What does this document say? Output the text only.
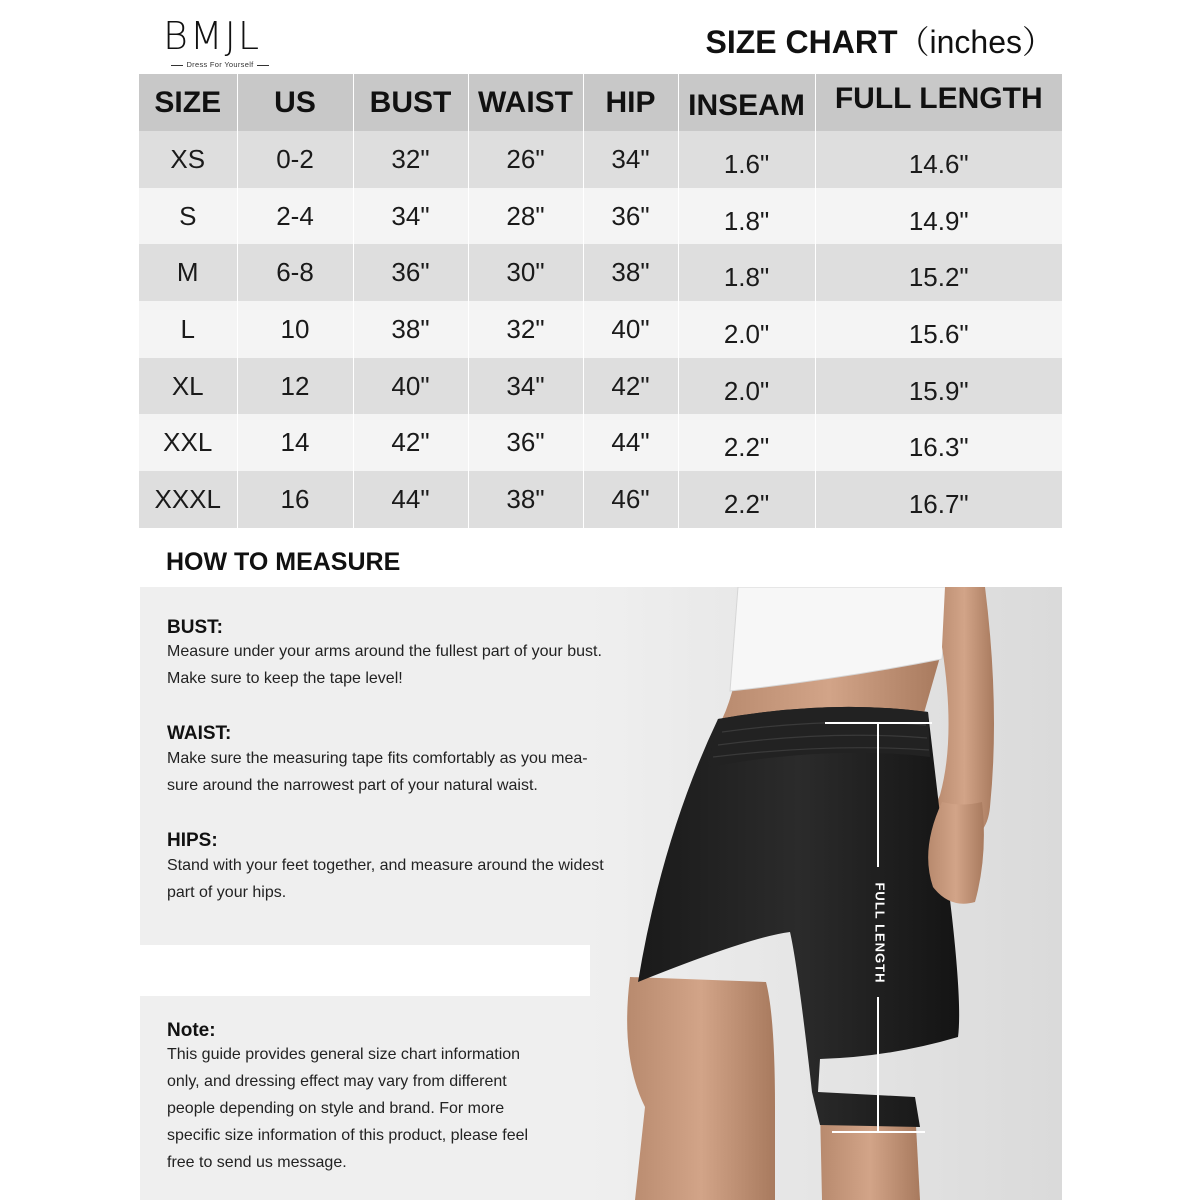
BMJL
Dress For Yourself
SIZE CHART（inches）
SIZE	US	BUST	WAIST	HIP	INSEAM	FULL LENGTH
XS	0-2	32"	26"	34"	1.6"	14.6"
S	2-4	34"	28"	36"	1.8"	14.9"
M	6-8	36"	30"	38"	1.8"	15.2"
L	10	38"	32"	40"	2.0"	15.6"
XL	12	40"	34"	42"	2.0"	15.9"
XXL	14	42"	36"	44"	2.2"	16.3"
XXXL	16	44"	38"	46"	2.2"	16.7"
HOW TO MEASURE
FULL LENGTH
BUST:
Measure under your arms around the fullest part of your bust.
Make sure to keep the tape level!
WAIST:
Make sure the measuring tape fits comfortably as you mea-
sure around the narrowest part of your natural waist.
HIPS:
Stand with your feet together, and measure around the widest
part of your hips.
Note:
This guide provides general size chart information
only, and dressing effect may vary from different
people depending on style and brand. For more
specific size information of this product, please feel
free to send us message.
